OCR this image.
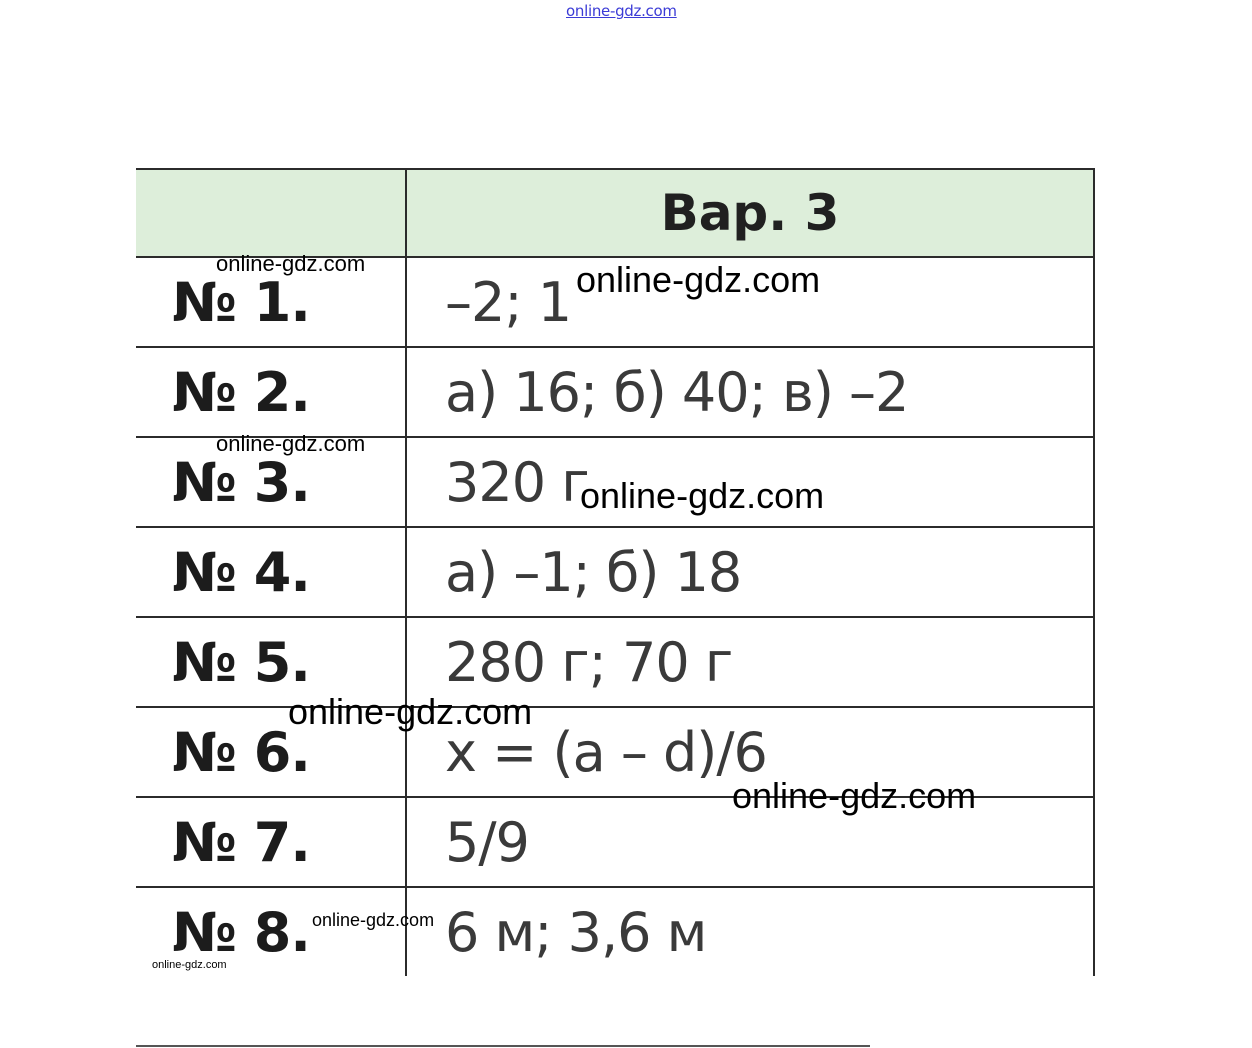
online-gdz.com
	Вар. 3
№ 1.	–2; 1
№ 2.	а) 16; б) 40; в) –2
№ 3.	320 г
№ 4.	а) –1; б) 18
№ 5.	280 г; 70 г
№ 6.	x = (a – d)/6
№ 7.	5/9
№ 8.	6 м; 3,6 м
online-gdz.com	online-gdz.com
online-gdz.com
online-gdz.com
online-gdz.com
online-gdz.com
online-gdz.com
online-gdz.com
